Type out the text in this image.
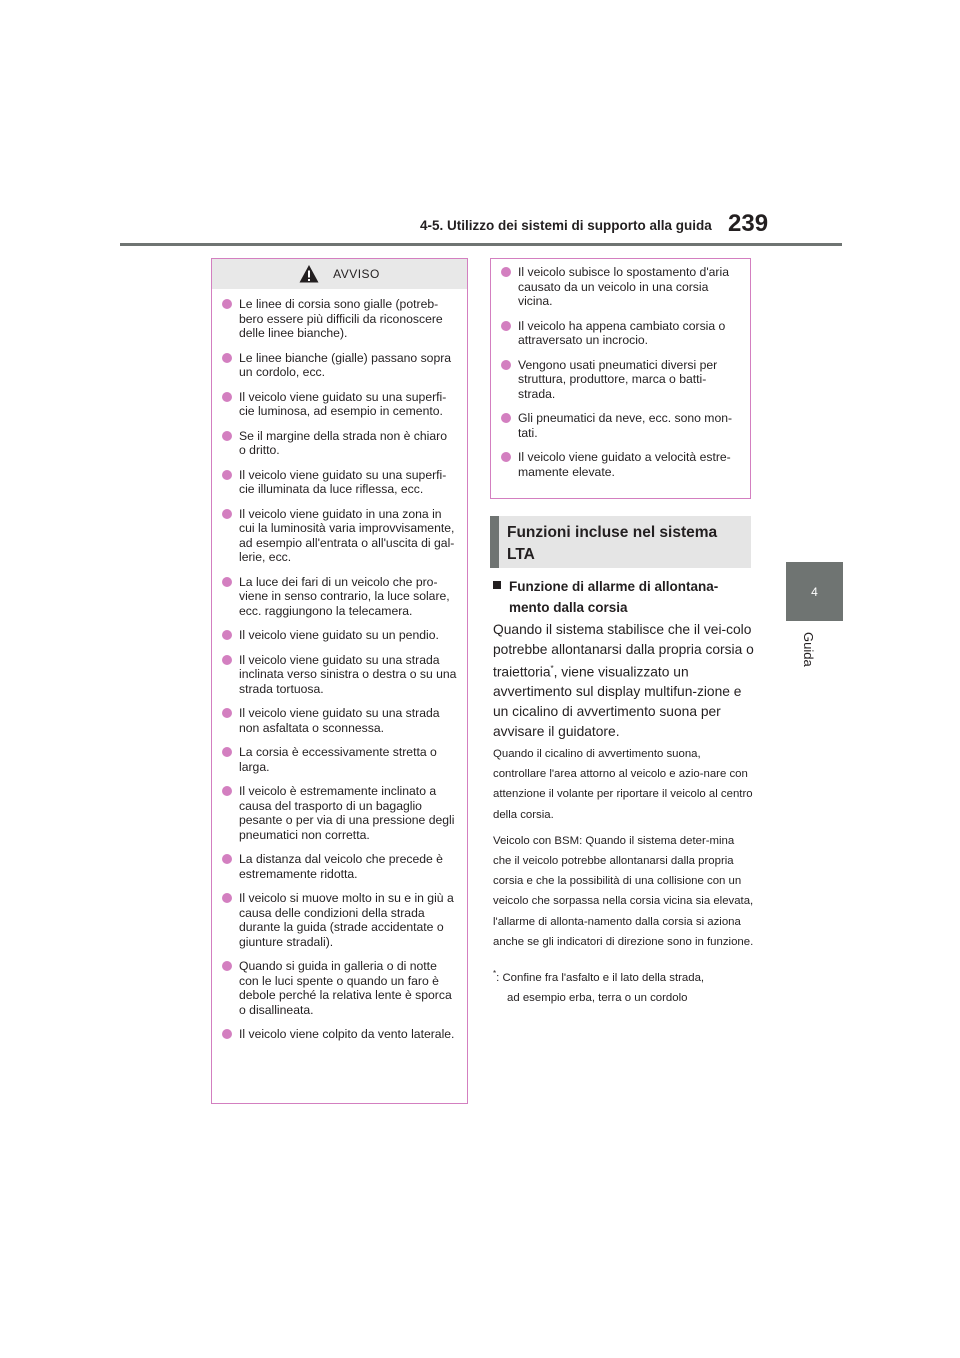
4-5. Utilizzo dei sistemi di supporto alla guida 239
4
Guida
AVVISO
Le linee di corsia sono gialle (potreb-bero essere più difficili da riconoscere delle linee bianche).
Le linee bianche (gialle) passano sopra un cordolo, ecc.
Il veicolo viene guidato su una superfi-cie luminosa, ad esempio in cemento.
Se il margine della strada non è chiaro o dritto.
Il veicolo viene guidato su una superfi-cie illuminata da luce riflessa, ecc.
Il veicolo viene guidato in una zona in cui la luminosità varia improvvisamente, ad esempio all'entrata o all'uscita di gal-lerie, ecc.
La luce dei fari di un veicolo che pro-viene in senso contrario, la luce solare, ecc. raggiungono la telecamera.
Il veicolo viene guidato su un pendio.
Il veicolo viene guidato su una strada inclinata verso sinistra o destra o su una strada tortuosa.
Il veicolo viene guidato su una strada non asfaltata o sconnessa.
La corsia è eccessivamente stretta o larga.
Il veicolo è estremamente inclinato a causa del trasporto di un bagaglio pesante o per via di una pressione degli pneumatici non corretta.
La distanza dal veicolo che precede è estremamente ridotta.
Il veicolo si muove molto in su e in giù a causa delle condizioni della strada durante la guida (strade accidentate o giunture stradali).
Quando si guida in galleria o di notte con le luci spente o quando un faro è debole perché la relativa lente è sporca o disallineata.
Il veicolo viene colpito da vento laterale.
Il veicolo subisce lo spostamento d'aria causato da un veicolo in una corsia vicina.
Il veicolo ha appena cambiato corsia o attraversato un incrocio.
Vengono usati pneumatici diversi per struttura, produttore, marca o batti-strada.
Gli pneumatici da neve, ecc. sono mon-tati.
Il veicolo viene guidato a velocità estre-mamente elevate.
Funzioni incluse nel sistema
LTA
Funzione di allarme di allontana-
mento dalla corsia
Quando il sistema stabilisce che il vei-colo potrebbe allontanarsi dalla propria corsia o traiettoria*, viene visualizzato un avvertimento sul display multifun-zione e un cicalino di avvertimento suona per avvisare il guidatore.

Quando il cicalino di avvertimento suona, controllare l'area attorno al veicolo e azio-nare con attenzione il volante per riportare il veicolo al centro della corsia.

Veicolo con BSM: Quando il sistema deter-mina che il veicolo potrebbe allontanarsi dalla propria corsia e che la possibilità di una collisione con un veicolo che sorpassa nella corsia vicina sia elevata, l'allarme di allonta-namento dalla corsia si aziona anche se gli indicatori di direzione sono in funzione.

*: Confine fra l'asfalto e il lato della strada,
ad esempio erba, terra o un cordolo
